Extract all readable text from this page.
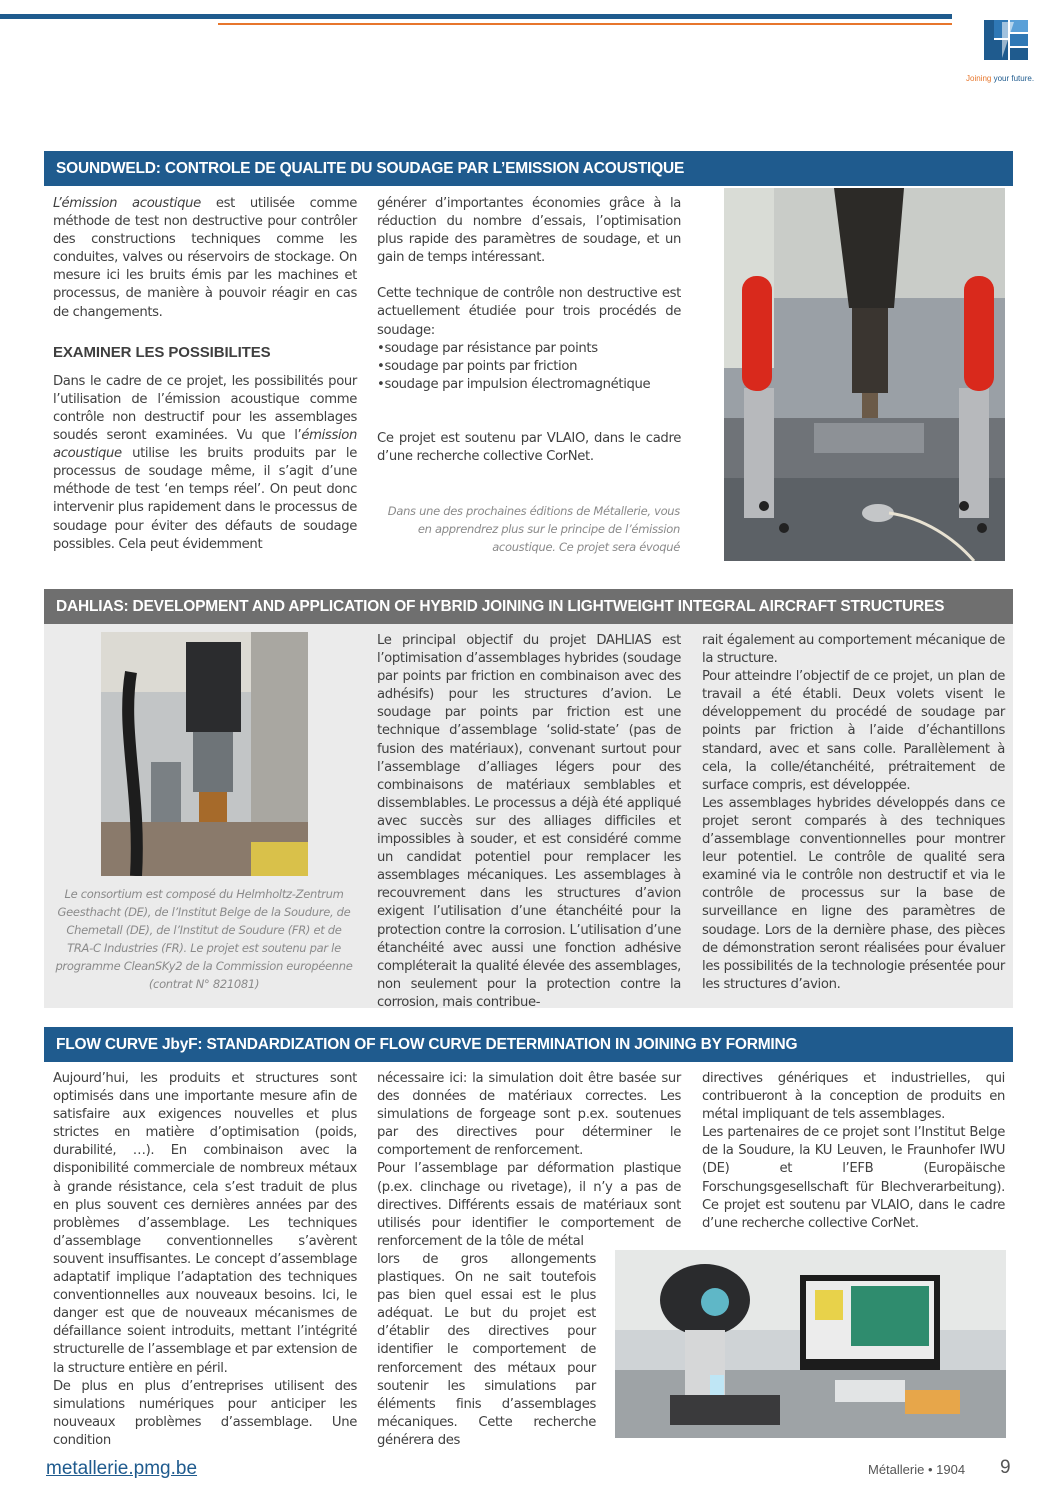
research
Joining your future.
SOUNDWELD: CONTROLE DE QUALITE DU SOUDAGE PAR L’EMISSION ACOUSTIQUE

L’émission acoustique est utilisée comme méthode de test non destructive pour contrôler des constructions techniques comme les conduites, valves ou réservoirs de stockage. On mesure ici les bruits émis par les machines et processus, de manière à pouvoir réagir en cas de changements.

EXAMINER LES POSSIBILITES

Dans le cadre de ce projet, les possibilités pour l’utilisation de l’émission acoustique comme contrôle non destructif pour les assemblages soudés seront examinées. Vu que l’émission acoustique utilise les bruits produits par le processus de soudage même, il s’agit d’une méthode de test ‘en temps réel’. On peut donc intervenir plus rapidement dans le processus de soudage pour éviter des défauts de soudage possibles. Cela peut évidemment

générer d’importantes économies grâce à la réduction du nombre d’essais, l’optimisation plus rapide des paramètres de soudage, et un gain de temps intéressant.

Cette technique de contrôle non destructive est actuellement étudiée pour trois procédés de soudage:

• soudage par résistance par points
• soudage par points par friction
• soudage par impulsion électromagnétique

Ce projet est soutenu par VLAIO, dans le cadre d’une recherche collective CorNet.

Dans une des prochaines éditions de Métallerie, vous en apprendrez plus sur le principe de l’émission acoustique. Ce projet sera évoqué
DAHLIAS: DEVELOPMENT AND APPLICATION OF HYBRID JOINING IN LIGHTWEIGHT INTEGRAL AIRCRAFT STRUCTURES
Le consortium est composé du Helmholtz-Zentrum Geesthacht (DE), de l’Institut Belge de la Soudure, de Chemetall (DE), de l’Institut de Soudure (FR) et de TRA-C Industries (FR). Le projet est soutenu par le programme CleanSKy2 de la Commission européenne (contrat N° 821081)

Le principal objectif du projet DAHLIAS est l’optimisation d’assemblages hybrides (soudage par points par friction en combinaison avec des adhésifs) pour les structures d’avion. Le soudage par points par friction est une technique d’assemblage ‘solid-state’ (pas de fusion des matériaux), convenant surtout pour l’assemblage d’alliages légers pour des combinaisons de matériaux semblables et dissemblables. Le processus a déjà été appliqué avec succès sur des alliages difficiles et impossibles à souder, et est considéré comme un candidat potentiel pour remplacer les assemblages mécaniques. Les assemblages à recouvrement dans les structures d’avion exigent l’utilisation d’une étanchéité pour la protection contre la corrosion. L’utilisation d’une étanchéité avec aussi une fonction adhésive compléterait la qualité élevée des assemblages, non seulement pour la protection contre la corrosion, mais contribue-

rait également au comportement mécanique de la structure.

Pour atteindre l’objectif de ce projet, un plan de travail a été établi. Deux volets visent le développement du procédé de soudage par points par friction à l’aide d’échantillons standard, avec et sans colle. Parallèlement à cela, la colle/étanchéité, prétraitement de surface compris, est développée.

Les assemblages hybrides développés dans ce projet seront comparés à des techniques d’assemblage conventionnelles pour montrer leur potentiel. Le contrôle de qualité sera examiné via le contrôle non destructif et via le contrôle de processus sur la base de surveillance en ligne des paramètres de soudage. Lors de la dernière phase, des pièces de démonstration seront réalisées pour évaluer les possibilités de la technologie présentée pour les structures d’avion.

FLOW CURVE JbyF: STANDARDIZATION OF FLOW CURVE DETERMINATION IN JOINING BY FORMING

Aujourd’hui, les produits et structures sont optimisés dans une importante mesure afin de satisfaire aux exigences nouvelles et plus strictes en matière d’optimisation (poids, durabilité, …). En combinaison avec la disponibilité commerciale de nombreux métaux à grande résistance, cela s’est traduit de plus en plus souvent ces dernières années par des problèmes d’assemblage. Les techniques d’assemblage conventionnelles s’avèrent souvent insuffisantes. Le concept d’assemblage adaptatif implique l’adaptation des techniques conventionnelles aux nouveaux besoins. Ici, le danger est que de nouveaux mécanismes de défaillance soient introduits, mettant l’intégrité structurelle de l’assemblage et par extension de la structure entière en péril.

De plus en plus d’entreprises utilisent des simulations numériques pour anticiper les nouveaux problèmes d’assemblage. Une condition

nécessaire ici: la simulation doit être basée sur des données de matériaux correctes. Les simulations de forgeage sont p.ex. soutenues par des directives pour déterminer le comportement de renforcement.

Pour l’assemblage par déformation plastique (p.ex. clinchage ou rivetage), il n’y a pas de directives. Différents essais de matériaux sont utilisés pour identifier le comportement de renforcement de la tôle de métal

lors de gros allongements plastiques. On ne sait toutefois pas bien quel essai est le plus adéquat. Le but du projet est d’établir des directives pour identifier le comportement de renforcement des métaux pour soutenir les simulations par éléments finis d’assemblages mécaniques. Cette recherche générera des

directives génériques et industrielles, qui contribueront à la conception de produits en métal impliquant de tels assemblages.

Les partenaires de ce projet sont l’Institut Belge de la Soudure, la KU Leuven, le Fraunhofer IWU (DE) et l’EFB (Europäische Forschungsgesellschaft für Blechverarbeitung). Ce projet est soutenu par VLAIO, dans le cadre d’une recherche collective CorNet.

metallerie.pmg.be	Métallerie • 1904 9
